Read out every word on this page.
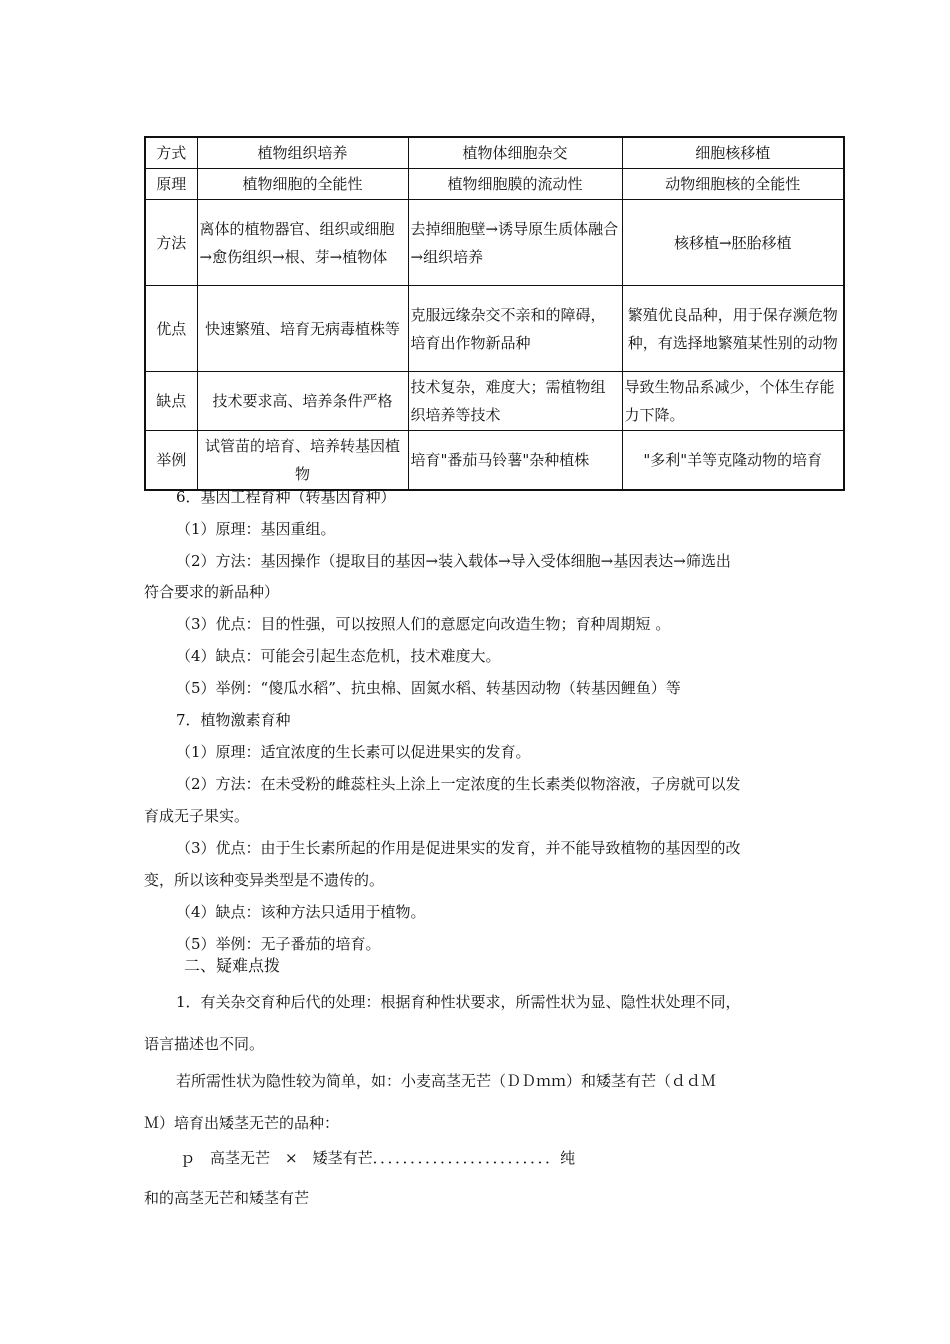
方式	植物组织培养	植物体细胞杂交	细胞核移植
原理	植物细胞的全能性	植物细胞膜的流动性	动物细胞核的全能性
方法	离体的植物器官、组织或细胞→愈伤组织→根、芽→植物体	去掉细胞壁→诱导原生质体融合→组织培养	核移植→胚胎移植
优点	快速繁殖、培育无病毒植株等	克服远缘杂交不亲和的障碍，培育出作物新品种	繁殖优良品种，用于保存濒危物种，有选择地繁殖某性别的动物
缺点	技术要求高、培养条件严格	技术复杂，难度大；需植物组织培养等技术	导致生物品系减少，个体生存能力下降。
举例	试管苗的培育、培养转基因植物	培育"番茄马铃薯"杂种植株	"多利"羊等克隆动物的培育
6．基因工程育种（转基因育种）
（1）原理：基因重组。
（2）方法：基因操作（提取目的基因→装入载体→导入受体细胞→基因表达→筛选出
符合要求的新品种）
（3）优点：目的性强，可以按照人们的意愿定向改造生物；育种周期短 。
（4）缺点：可能会引起生态危机，技术难度大。
（5）举例：“傻瓜水稻”、抗虫棉、固氮水稻、转基因动物（转基因鲤鱼）等
7．植物激素育种
（1）原理：适宜浓度的生长素可以促进果实的发育。
（2）方法：在未受粉的雌蕊柱头上涂上一定浓度的生长素类似物溶液，子房就可以发
育成无子果实。
（3）优点：由于生长素所起的作用是促进果实的发育，并不能导致植物的基因型的改
变，所以该种变异类型是不遗传的。
（4）缺点：该种方法只适用于植物。
（5）举例：无子番茄的培育。
二、疑难点拨
1．有关杂交育种后代的处理：根据育种性状要求，所需性状为显、隐性状处理不同，
语言描述也不同。
若所需性状为隐性较为简单，如：小麦高茎无芒（ＤＤｍｍ）和矮茎有芒（ｄｄＭ
Ｍ）培育出矮茎无芒的品种：
ｐ　高茎无芒　×　矮茎有芒．．．．．．．．．．．．．．．．．．．．．．．．纯
和的高茎无芒和矮茎有芒
